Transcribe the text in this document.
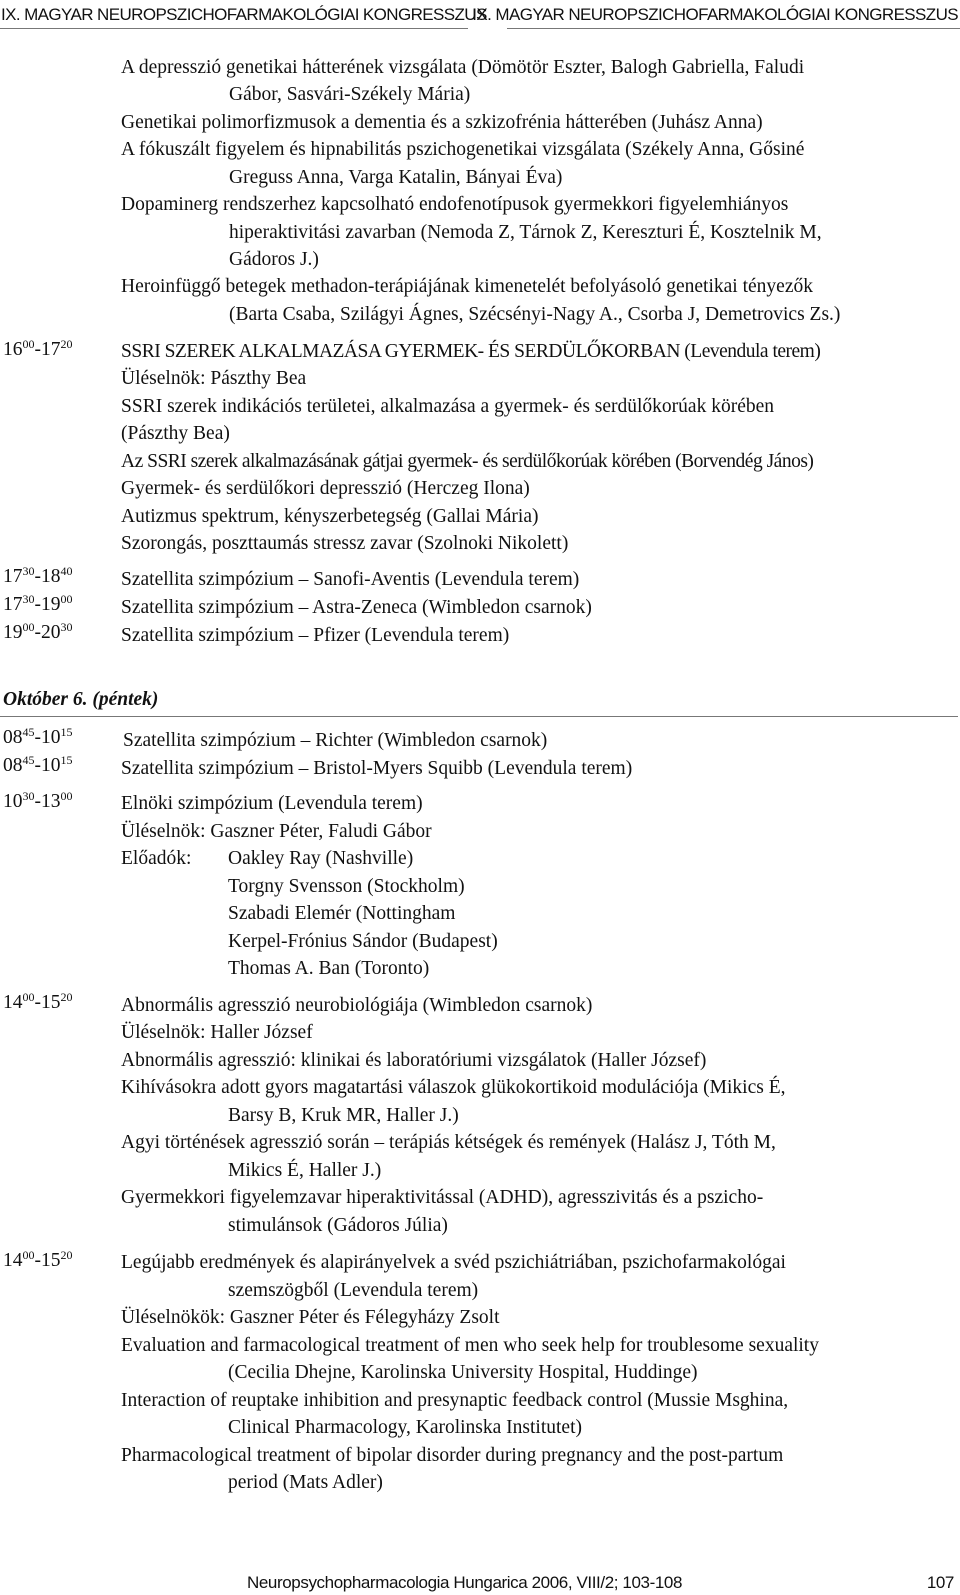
IX. MAGYAR NEUROPSZICHOFARMAKOLÓGIAI KONGRESSZUS
IX. MAGYAR NEUROPSZICHOFARMAKOLÓGIAI KONGRESSZUS
A depresszió genetikai hátterének vizsgálata (Dömötör Eszter, Balogh Gabriella, Faludi
Gábor, Sasvári-Székely Mária)
Genetikai polimorfizmusok a dementia és a szkizofrénia hátterében (Juhász Anna)
A fókuszált figyelem és hipnabilitás pszichogenetikai vizsgálata (Székely Anna, Gősiné
Greguss Anna, Varga Katalin, Bányai Éva)
Dopaminerg rendszerhez kapcsolható endofenotípusok gyermekkori figyelemhiányos
hiperaktivitási zavarban (Nemoda Z, Tárnok Z, Kereszturi É, Kosztelnik M,
Gádoros J.)
Heroinfüggő betegek methadon-terápiájának kimenetelét befolyásoló genetikai tényezők
(Barta Csaba, Szilágyi Ágnes, Szécsényi-Nagy A., Csorba J, Demetrovics Zs.)
$16^{00}-17^{20}$ SSRI SZEREK ALKALMAZÁSA GYERMEK- ÉS SERDÜLŐKORBAN (Levendula terem)
Üléselnök: Pászthy Bea
SSRI szerek indikációs területei, alkalmazása a gyermek- és serdülőkorúak körében
(Pászthy Bea)
Az SSRI szerek alkalmazásának gátjai gyermek- és serdülőkorúak körében (Borvendég János)
Gyermek- és serdülőkori depresszió (Herczeg Ilona)
Autizmus spektrum, kényszerbetegség (Gallai Mária)
Szorongás, poszttaumás stressz zavar (Szolnoki Nikolett)
$17^{30}-18^{40}$ Szatellita szimpózium – Sanofi-Aventis (Levendula terem)
$17^{30}-19^{00}$ Szatellita szimpózium – Astra-Zeneca (Wimbledon csarnok)
$19^{00}-20^{30}$ Szatellita szimpózium – Pfizer (Levendula terem)
Október 6. (péntek)
$08^{45}-10^{15}$	Szatellita szimpózium – Richter (Wimbledon csarnok)
$08^{45}-10^{15}$ Szatellita szimpózium – Bristol-Myers Squibb (Levendula terem)
$10^{30}-13^{00}$ Elnöki szimpózium (Levendula terem)
Üléselnök: Gaszner Péter, Faludi Gábor
Előadók: Oakley Ray (Nashville)
Torgny Svensson (Stockholm)
Szabadi Elemér (Nottingham
Kerpel-Frónius Sándor (Budapest)
Thomas A. Ban (Toronto)
$14^{00}-15^{20}$ Abnormális agresszió neurobiológiája (Wimbledon csarnok)
Üléselnök: Haller József
Abnormális agresszió: klinikai és laboratóriumi vizsgálatok (Haller József)
Kihívásokra adott gyors magatartási válaszok glükokortikoid modulációja (Mikics É,
Barsy B, Kruk MR, Haller J.)
Agyi történések agresszió során – terápiás kétségek és remények (Halász J, Tóth M,
Mikics É, Haller J.)
Gyermekkori figyelemzavar hiperaktivitással (ADHD), agresszivitás és a pszicho-
stimulánsok (Gádoros Júlia)
$14^{00}-15^{20}$ Legújabb eredmények és alapirányelvek a svéd pszichiátriában, pszichofarmakológai
szemszögből (Levendula terem)
Üléselnökök: Gaszner Péter és Félegyházy Zsolt
Evaluation and farmacological treatment of men who seek help for troublesome sexuality
(Cecilia Dhejne, Karolinska University Hospital, Huddinge)
Interaction of reuptake inhibition and presynaptic feedback control (Mussie Msghina,
Clinical Pharmacology, Karolinska Institutet)
Pharmacological treatment of bipolar disorder during pregnancy and the post-partum
period (Mats Adler)
Neuropsychopharmacologia Hungarica 2006, VIII/2; 103-108	107
